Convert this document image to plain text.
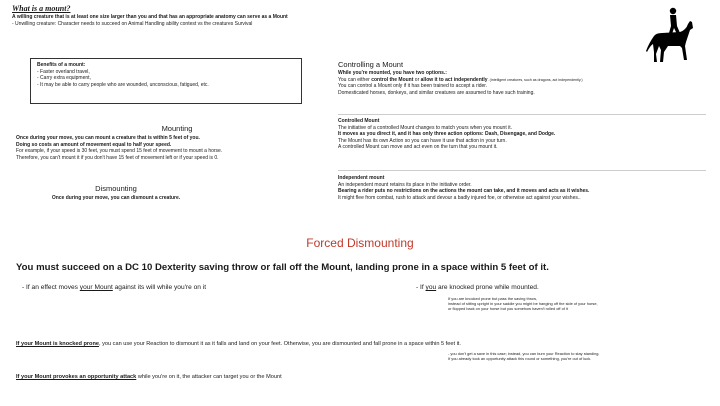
What is a mount?

A willing creature that is at least one size larger than you and that has an appropriate anatomy can serve as a Mount

- Unwilling creature: Character needs to succeed on Animal Handling ability contest vs the creatures Survival

Benefits of a mount:

- Faster overland travel,

- Carry extra equipment,

- It may be able to carry people who are wounded, unconscious, fatigued, etc.

Mounting

Once during your move, you can mount a creature that is within 5 feet of you.

Doing so costs an amount of movement equal to half your speed.

For example, if your speed is 30 feet, you must spend 15 feet of movement to mount a horse.

Therefore, you can't mount it if you don't have 15 feet of movement left or if your speed is 0.

Dismounting

Once during your move, you can dismount a creature.

Controlling a Mount

While you're mounted, you have two options.:

You can either control the Mount or allow it to act independently. (Intelligent creatures, such as dragons, act independently.)

You can control a Mount only if it has been trained to accept a rider.

Domesticated horses, donkeys, and similar creatures are assumed to have such training.

Controlled Mount

The initiative of a controlled Mount changes to match yours when you mount it.

It moves as you direct it, and it has only three action options: Dash, Disengage, and Dodge.

The Mount has its own Action so you can have it use that action in your turn.

A controlled Mount can move and act even on the turn that you mount it.

Independent mount

An independent mount retains its place in the initiative order.

Bearing a rider puts no restrictions on the actions the mount can take, and it moves and acts as it wishes.

It might flee from combat, rush to attack and devour a badly injured foe, or otherwise act against your wishes..

Forced Dismounting

You must succeed on a DC 10 Dexterity saving throw or fall off the Mount, landing prone in a space within 5 feet of it.

- If an effect moves your Mount against its will while you're on it	- If you are knocked prone while mounted.

If you are knocked prone but pass the saving throw,

instead of sitting upright in your saddle you might be hanging off the side of your horse,

or flopped back on your horse but you somehow haven't rolled off of it

If your Mount is knocked prone, you can use your Reaction to dismount it as it falls and land on your feet. Otherwise, you are dismounted and fall prone in a space within 5 feet it.

- you don't get a save in this case; instead, you can burn your Reaction to stay standing.

If you already took an opportunity attack this round or something, you're out of luck.

If your Mount provokes an opportunity attack while you're on it, the attacker can target you or the Mount
